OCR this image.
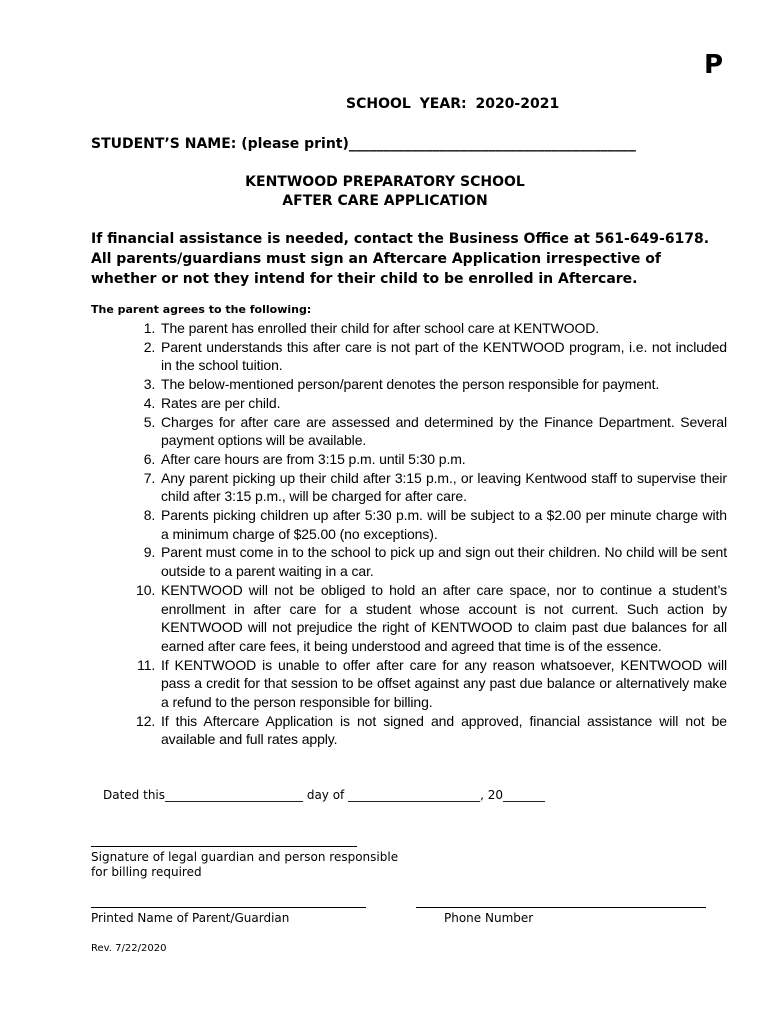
P
SCHOOL YEAR: 2020-2021
STUDENT’S NAME: (please print)_________________________________________
KENTWOOD PREPARATORY SCHOOL
AFTER CARE APPLICATION
If financial assistance is needed, contact the Business Office at 561-649-6178.
All parents/guardians must sign an Aftercare Application irrespective of whether or not they intend for their child to be enrolled in Aftercare.
The parent agrees to the following:
1. The parent has enrolled their child for after school care at KENTWOOD.
2. Parent understands this after care is not part of the KENTWOOD program, i.e. not included in the school tuition.
3. The below-mentioned person/parent denotes the person responsible for payment.
4. Rates are per child.
5. Charges for after care are assessed and determined by the Finance Department. Several payment options will be available.
6. After care hours are from 3:15 p.m. until 5:30 p.m.
7. Any parent picking up their child after 3:15 p.m., or leaving Kentwood staff to supervise their child after 3:15 p.m., will be charged for after care.
8. Parents picking children up after 5:30 p.m. will be subject to a $2.00 per minute charge with a minimum charge of $25.00 (no exceptions).
9. Parent must come in to the school to pick up and sign out their children. No child will be sent outside to a parent waiting in a car.
10. KENTWOOD will not be obliged to hold an after care space, nor to continue a student’s enrollment in after care for a student whose account is not current. Such action by KENTWOOD will not prejudice the right of KENTWOOD to claim past due balances for all earned after care fees, it being understood and agreed that time is of the essence.
11. If KENTWOOD is unable to offer after care for any reason whatsoever, KENTWOOD will pass a credit for that session to be offset against any past due balance or alternatively make a refund to the person responsible for billing.
12. If this Aftercare Application is not signed and approved, financial assistance will not be available and full rates apply.
Dated this_______________________ day of ______________________, 20_______
Signature of legal guardian and person responsible
for billing required
Printed Name of Parent/Guardian	Phone Number
Rev. 7/22/2020
